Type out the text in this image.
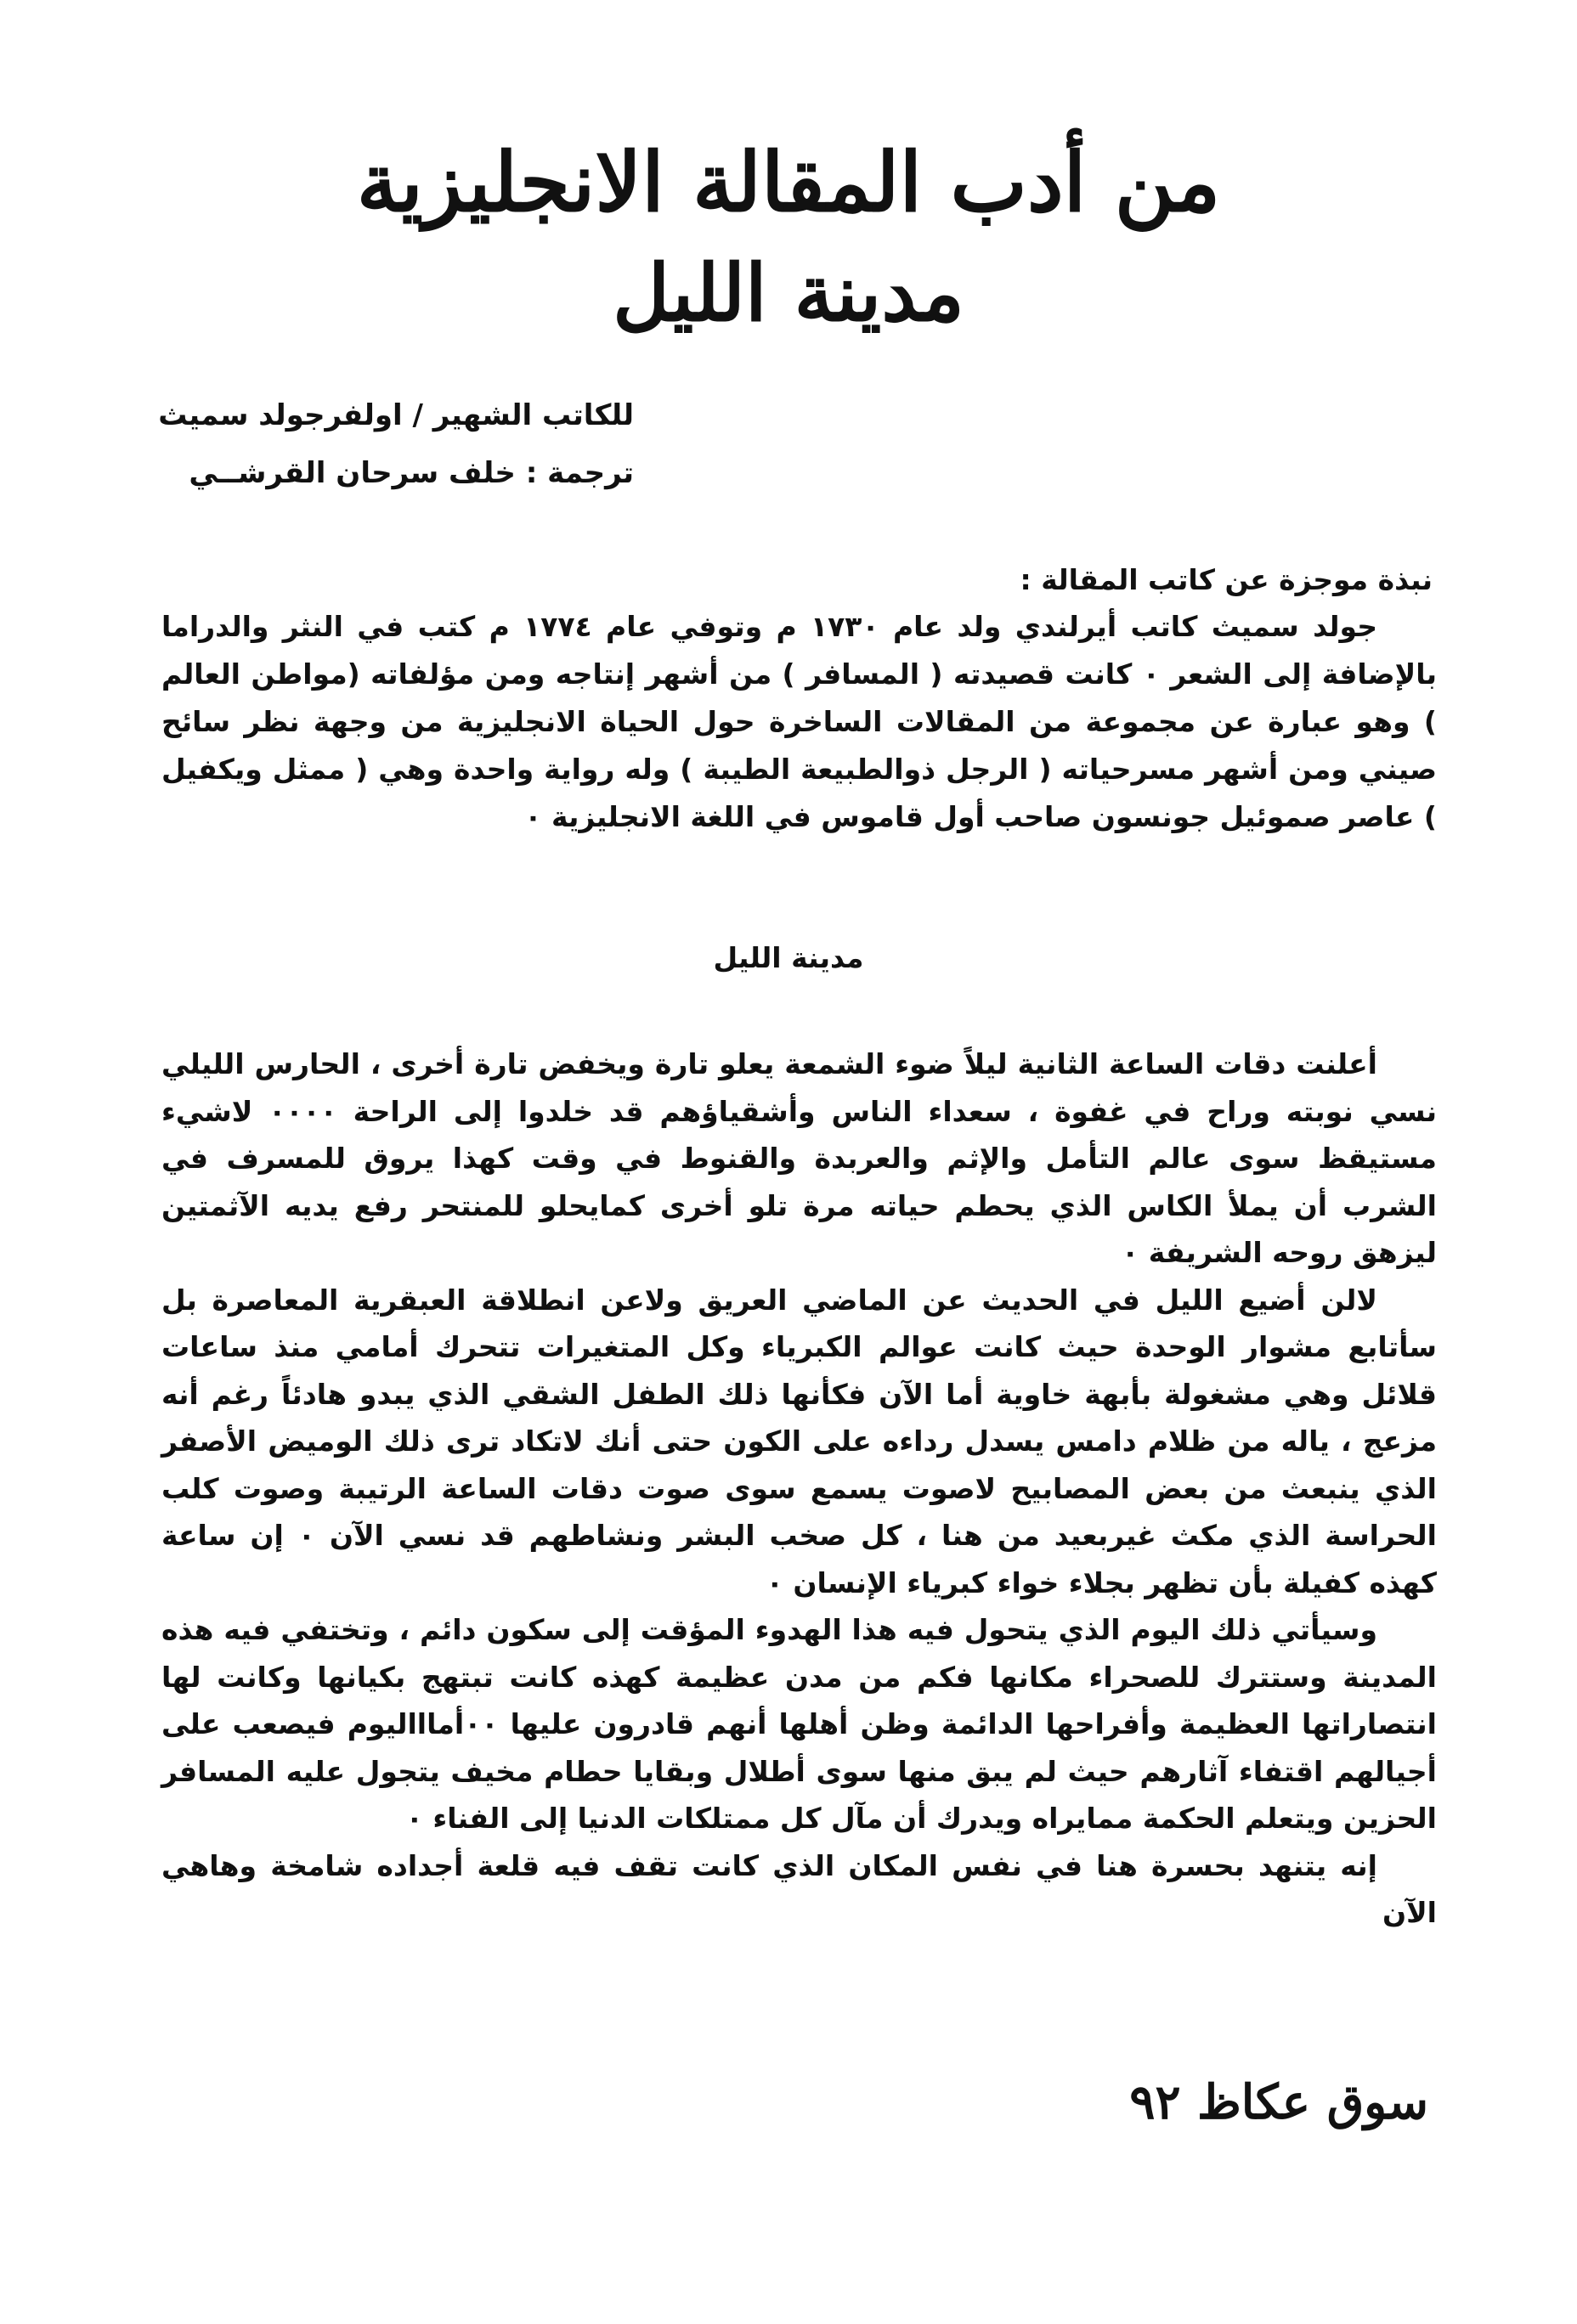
من أدب المقالة الانجليزية
مدينة الليل
للكاتب الشهير / اولفرجولد سميث
ترجمة : خلف سرحان القرشــي
نبذة موجزة عن كاتب المقالة :

جولد سميث كاتب أيرلندي ولد عام ١٧٣٠ م وتوفي عام ١٧٧٤ م كتب في النثر والدراما بالإضافة إلى الشعر ٠ كانت قصيدته ( المسافر ) من أشهر إنتاجه ومن مؤلفاته (مواطن العالم ) وهو عبارة عن مجموعة من المقالات الساخرة حول الحياة الانجليزية من وجهة نظر سائح صيني ومن أشهر مسرحياته ( الرجل ذوالطبيعة الطيبة ) وله رواية واحدة وهي ( ممثل ويكفيل ) عاصر صموئيل جونسون صاحب أول قاموس في اللغة الانجليزية ٠

مدينة الليل

أعلنت دقات الساعة الثانية ليلاً ضوء الشمعة يعلو تارة ويخفض تارة أخرى ، الحارس الليلي نسي نوبته وراح في غفوة ، سعداء الناس وأشقياؤهم قد خلدوا إلى الراحة ٠٠٠٠ لاشيء مستيقظ سوى عالم التأمل والإثم والعربدة والقنوط في وقت كهذا يروق للمسرف في الشرب أن يملأ الكاس الذي يحطم حياته مرة تلو أخرى كمايحلو للمنتحر رفع يديه الآثمتين ليزهق روحه الشريفة ٠

لالن أضيع الليل في الحديث عن الماضي العريق ولاعن انطلاقة العبقرية المعاصرة بل سأتابع مشوار الوحدة حيث كانت عوالم الكبرياء وكل المتغيرات تتحرك أمامي منذ ساعات قلائل وهي مشغولة بأبهة خاوية أما الآن فكأنها ذلك الطفل الشقي الذي يبدو هادئاً رغم أنه مزعج ، ياله من ظلام دامس يسدل رداءه على الكون حتى أنك لاتكاد ترى ذلك الوميض الأصفر الذي ينبعث من بعض المصابيح لاصوت يسمع سوى صوت دقات الساعة الرتيبة وصوت كلب الحراسة الذي مكث غيربعيد من هنا ، كل صخب البشر ونشاطهم قد نسي الآن ٠ إن ساعة كهذه كفيلة بأن تظهر بجلاء خواء كبرياء الإنسان ٠

وسيأتي ذلك اليوم الذي يتحول فيه هذا الهدوء المؤقت إلى سكون دائم ، وتختفي فيه هذه المدينة وستترك للصحراء مكانها فكم من مدن عظيمة كهذه كانت تبتهج بكيانها وكانت لها انتصاراتها العظيمة وأفراحها الدائمة وظن أهلها أنهم قادرون عليها ٠٠أماااليوم فيصعب على أجيالهم اقتفاء آثارهم حيث لم يبق منها سوى أطلال وبقايا حطام مخيف يتجول عليه المسافر الحزين ويتعلم الحكمة ممايراه ويدرك أن مآل كل ممتلكات الدنيا إلى الفناء ٠

إنه يتنهد بحسرة هنا في نفس المكان الذي كانت تقف فيه قلعة أجداده شامخة وهاهي الآن

سوق عكاظ ٩٢
